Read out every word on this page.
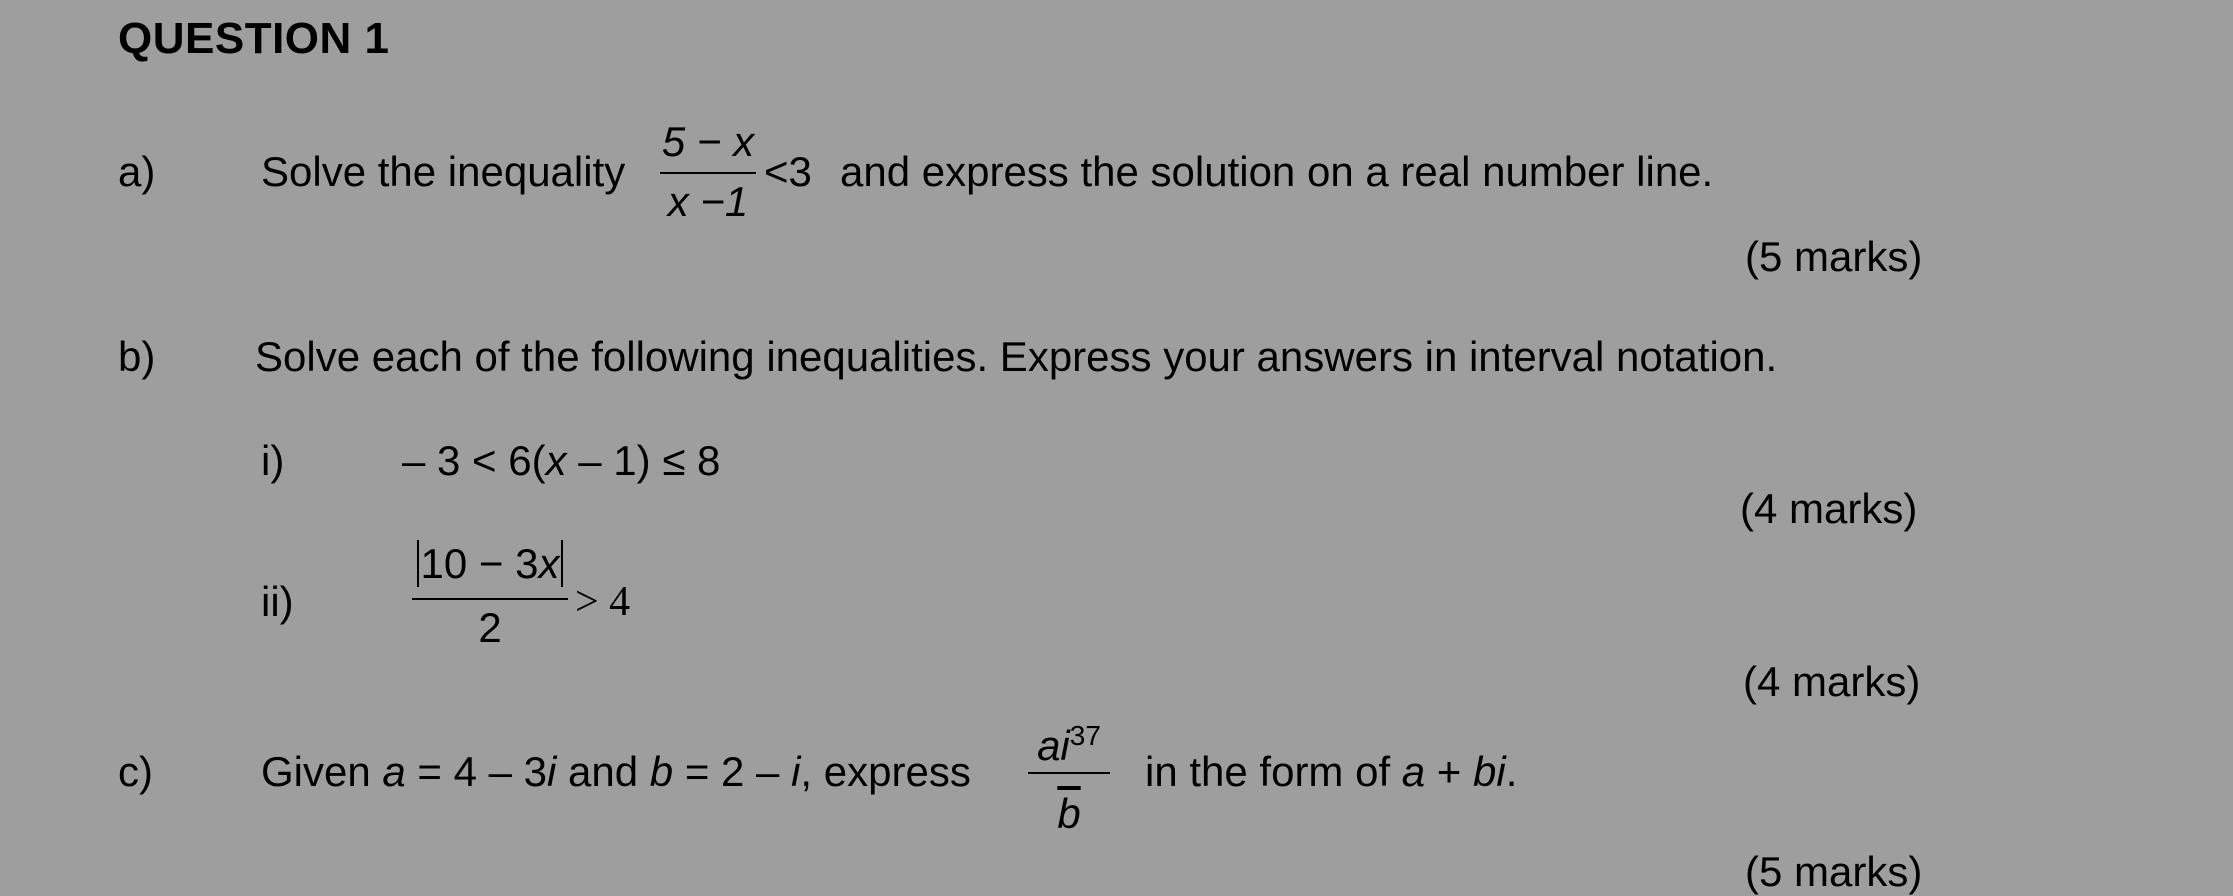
QUESTION 1
a)	Solve the inequality
5 − x
x −1
<3 and express the solution on a real number line.
(5 marks)
b) Solve each of the following inequalities. Express your answers in interval notation.
i)	– 3 < 6(x – 1) ≤ 8
(4 marks)
ii)
10 − 3x
2
> 4
(4 marks)
c)	Given a = 4 – 3i and b = 2 – i, express $\frac{ai^{37}}{b}$ in the form of a + bi.
(5 marks)
